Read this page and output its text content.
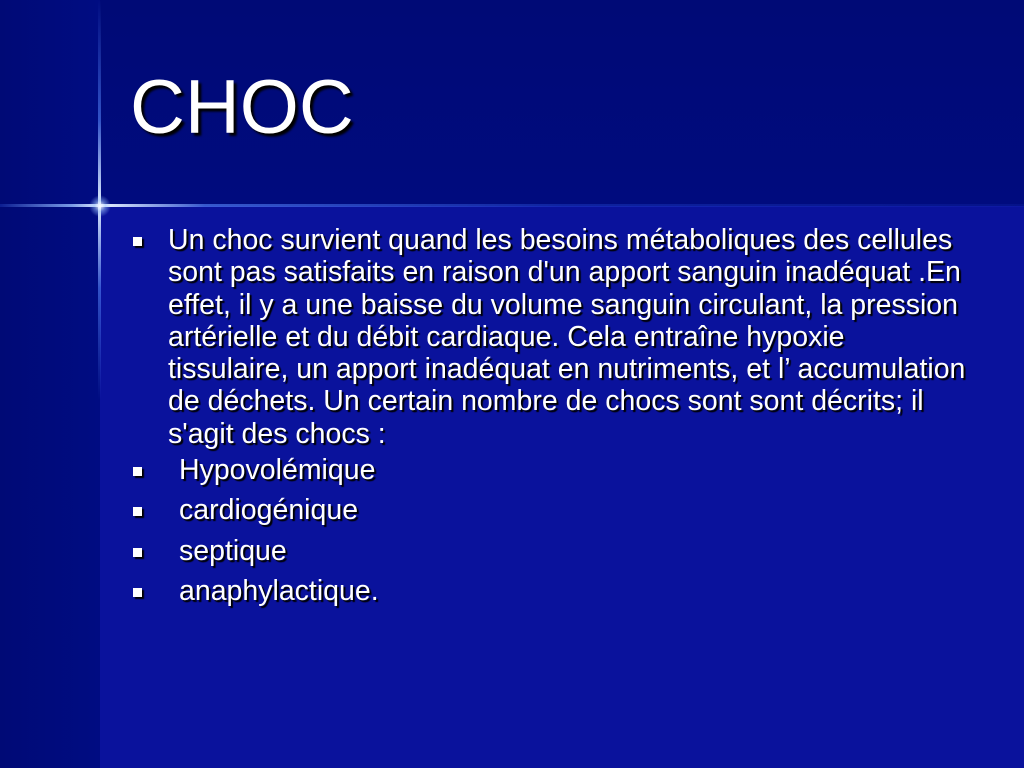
CHOC
Un choc survient quand les besoins métaboliques des cellules sont pas satisfaits en raison d'un apport sanguin inadéquat .En effet, il y a une baisse du volume sanguin circulant, la pression artérielle et du débit cardiaque. Cela entraîne hypoxie tissulaire, un apport inadéquat en nutriments, et l’ accumulation de déchets. Un certain nombre de chocs sont sont décrits; il s'agit des chocs :
Hypovolémique
cardiogénique
septique
anaphylactique.
